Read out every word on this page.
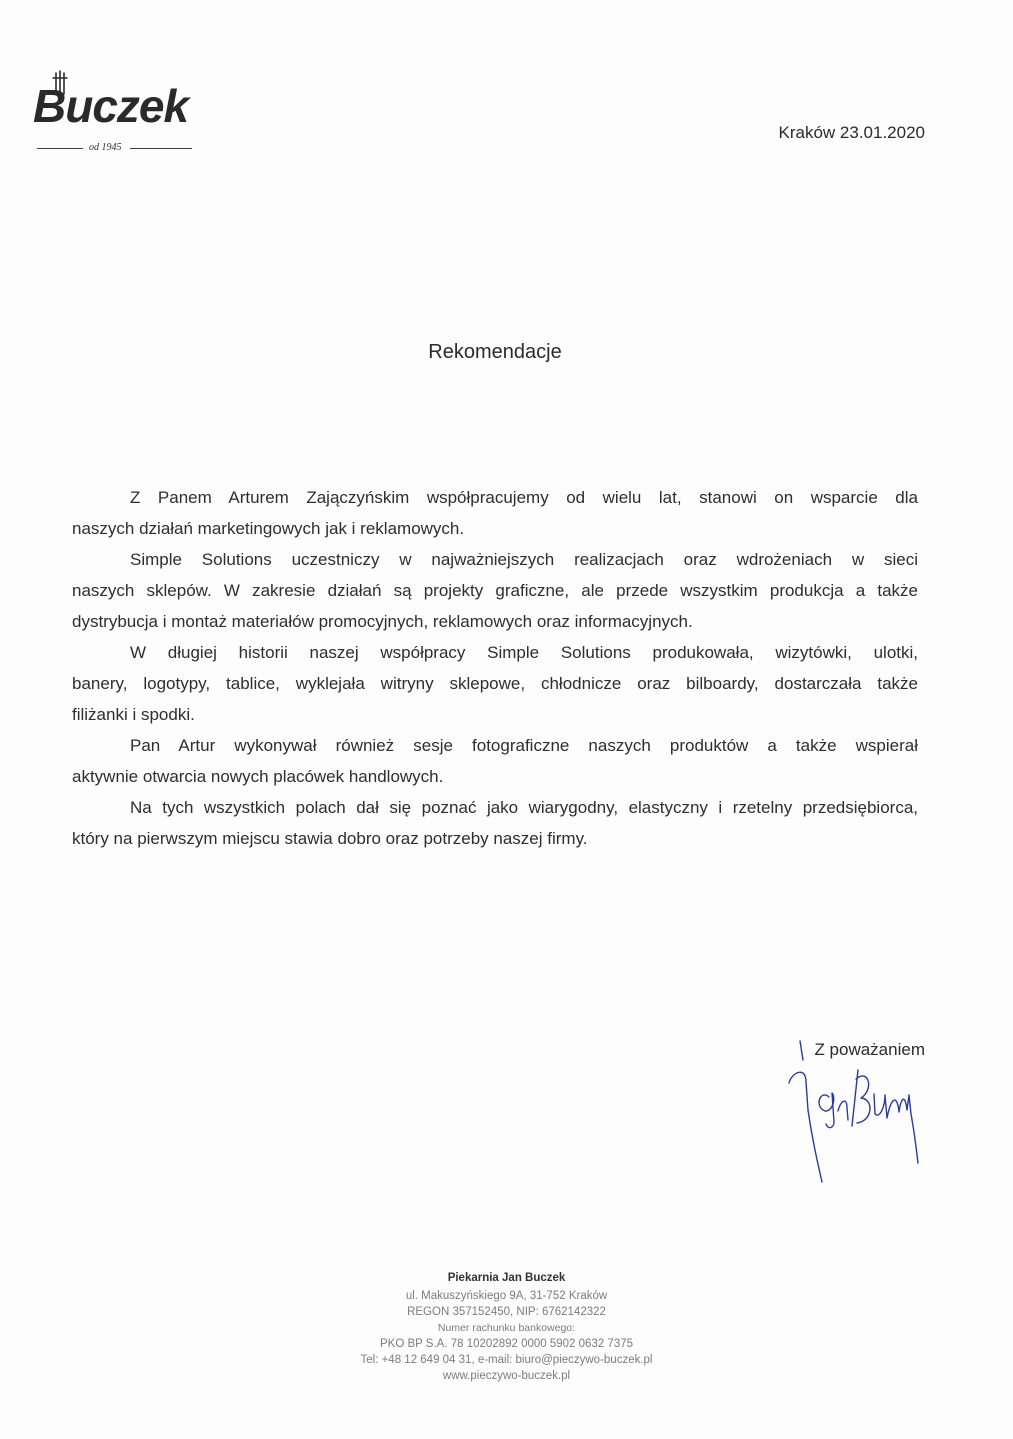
Buczek
od 1945
Kraków 23.01.2020
Rekomendacje
Z Panem Arturem Zajączyńskim współpracujemy od wielu lat, stanowi on wsparcie dla
naszych działań marketingowych jak i reklamowych.
Simple Solutions uczestniczy w najważniejszych realizacjach oraz wdrożeniach w sieci
naszych sklepów. W zakresie działań są projekty graficzne, ale przede wszystkim produkcja a także
dystrybucja i montaż materiałów promocyjnych, reklamowych oraz informacyjnych.
W długiej historii naszej współpracy Simple Solutions produkowała, wizytówki, ulotki,
banery, logotypy, tablice, wyklejała witryny sklepowe, chłodnicze oraz bilboardy, dostarczała także
filiżanki i spodki.
Pan Artur wykonywał również sesje fotograficzne naszych produktów a także wspierał
aktywnie otwarcia nowych placówek handlowych.
Na tych wszystkich polach dał się poznać jako wiarygodny, elastyczny i rzetelny przedsiębiorca,
który na pierwszym miejscu stawia dobro oraz potrzeby naszej firmy.
Z poważaniem
Piekarnia Jan Buczek
ul. Makuszyńskiego 9A, 31-752 Kraków
REGON 357152450, NIP: 6762142322
Numer rachunku bankowego:
PKO BP S.A. 78 10202892 0000 5902 0632 7375
Tel: +48 12 649 04 31, e-mail: biuro@pieczywo-buczek.pl
www.pieczywo-buczek.pl
